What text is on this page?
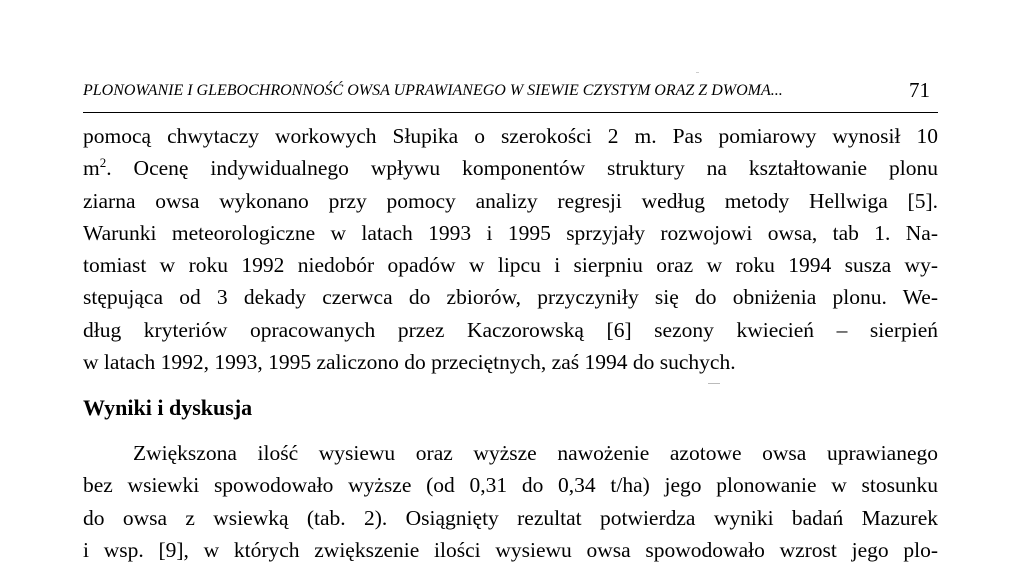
PLONOWANIE I GLEBOCHRONNOŚĆ OWSA UPRAWIANEGO W SIEWIE CZYSTYM ORAZ Z DWOMA...	71
pomocą chwytaczy workowych Słupika o szerokości 2 m. Pas pomiarowy wynosił 10
$m^2$. Ocenę indywidualnego wpływu komponentów struktury na kształtowanie plonu
ziarna owsa wykonano przy pomocy analizy regresji według metody Hellwiga [5].
Warunki meteorologiczne w latach 1993 i 1995 sprzyjały rozwojowi owsa, tab 1. Na-
tomiast w roku 1992 niedobór opadów w lipcu i sierpniu oraz w roku 1994 susza wy-
stępująca od 3 dekady czerwca do zbiorów, przyczyniły się do obniżenia plonu. We-
dług kryteriów opracowanych przez Kaczorowską [6] sezony kwiecień – sierpień
w latach 1992, 1993, 1995 zaliczono do przeciętnych, zaś 1994 do suchych.
Wyniki i dyskusja
Zwiększona ilość wysiewu oraz wyższe nawożenie azotowe owsa uprawianego
bez wsiewki spowodowało wyższe (od 0,31 do 0,34 t/ha) jego plonowanie w stosunku
do owsa z wsiewką (tab. 2). Osiągnięty rezultat potwierdza wyniki badań Mazurek
i wsp. [9], w których zwiększenie ilości wysiewu owsa spowodowało wzrost jego plo-
